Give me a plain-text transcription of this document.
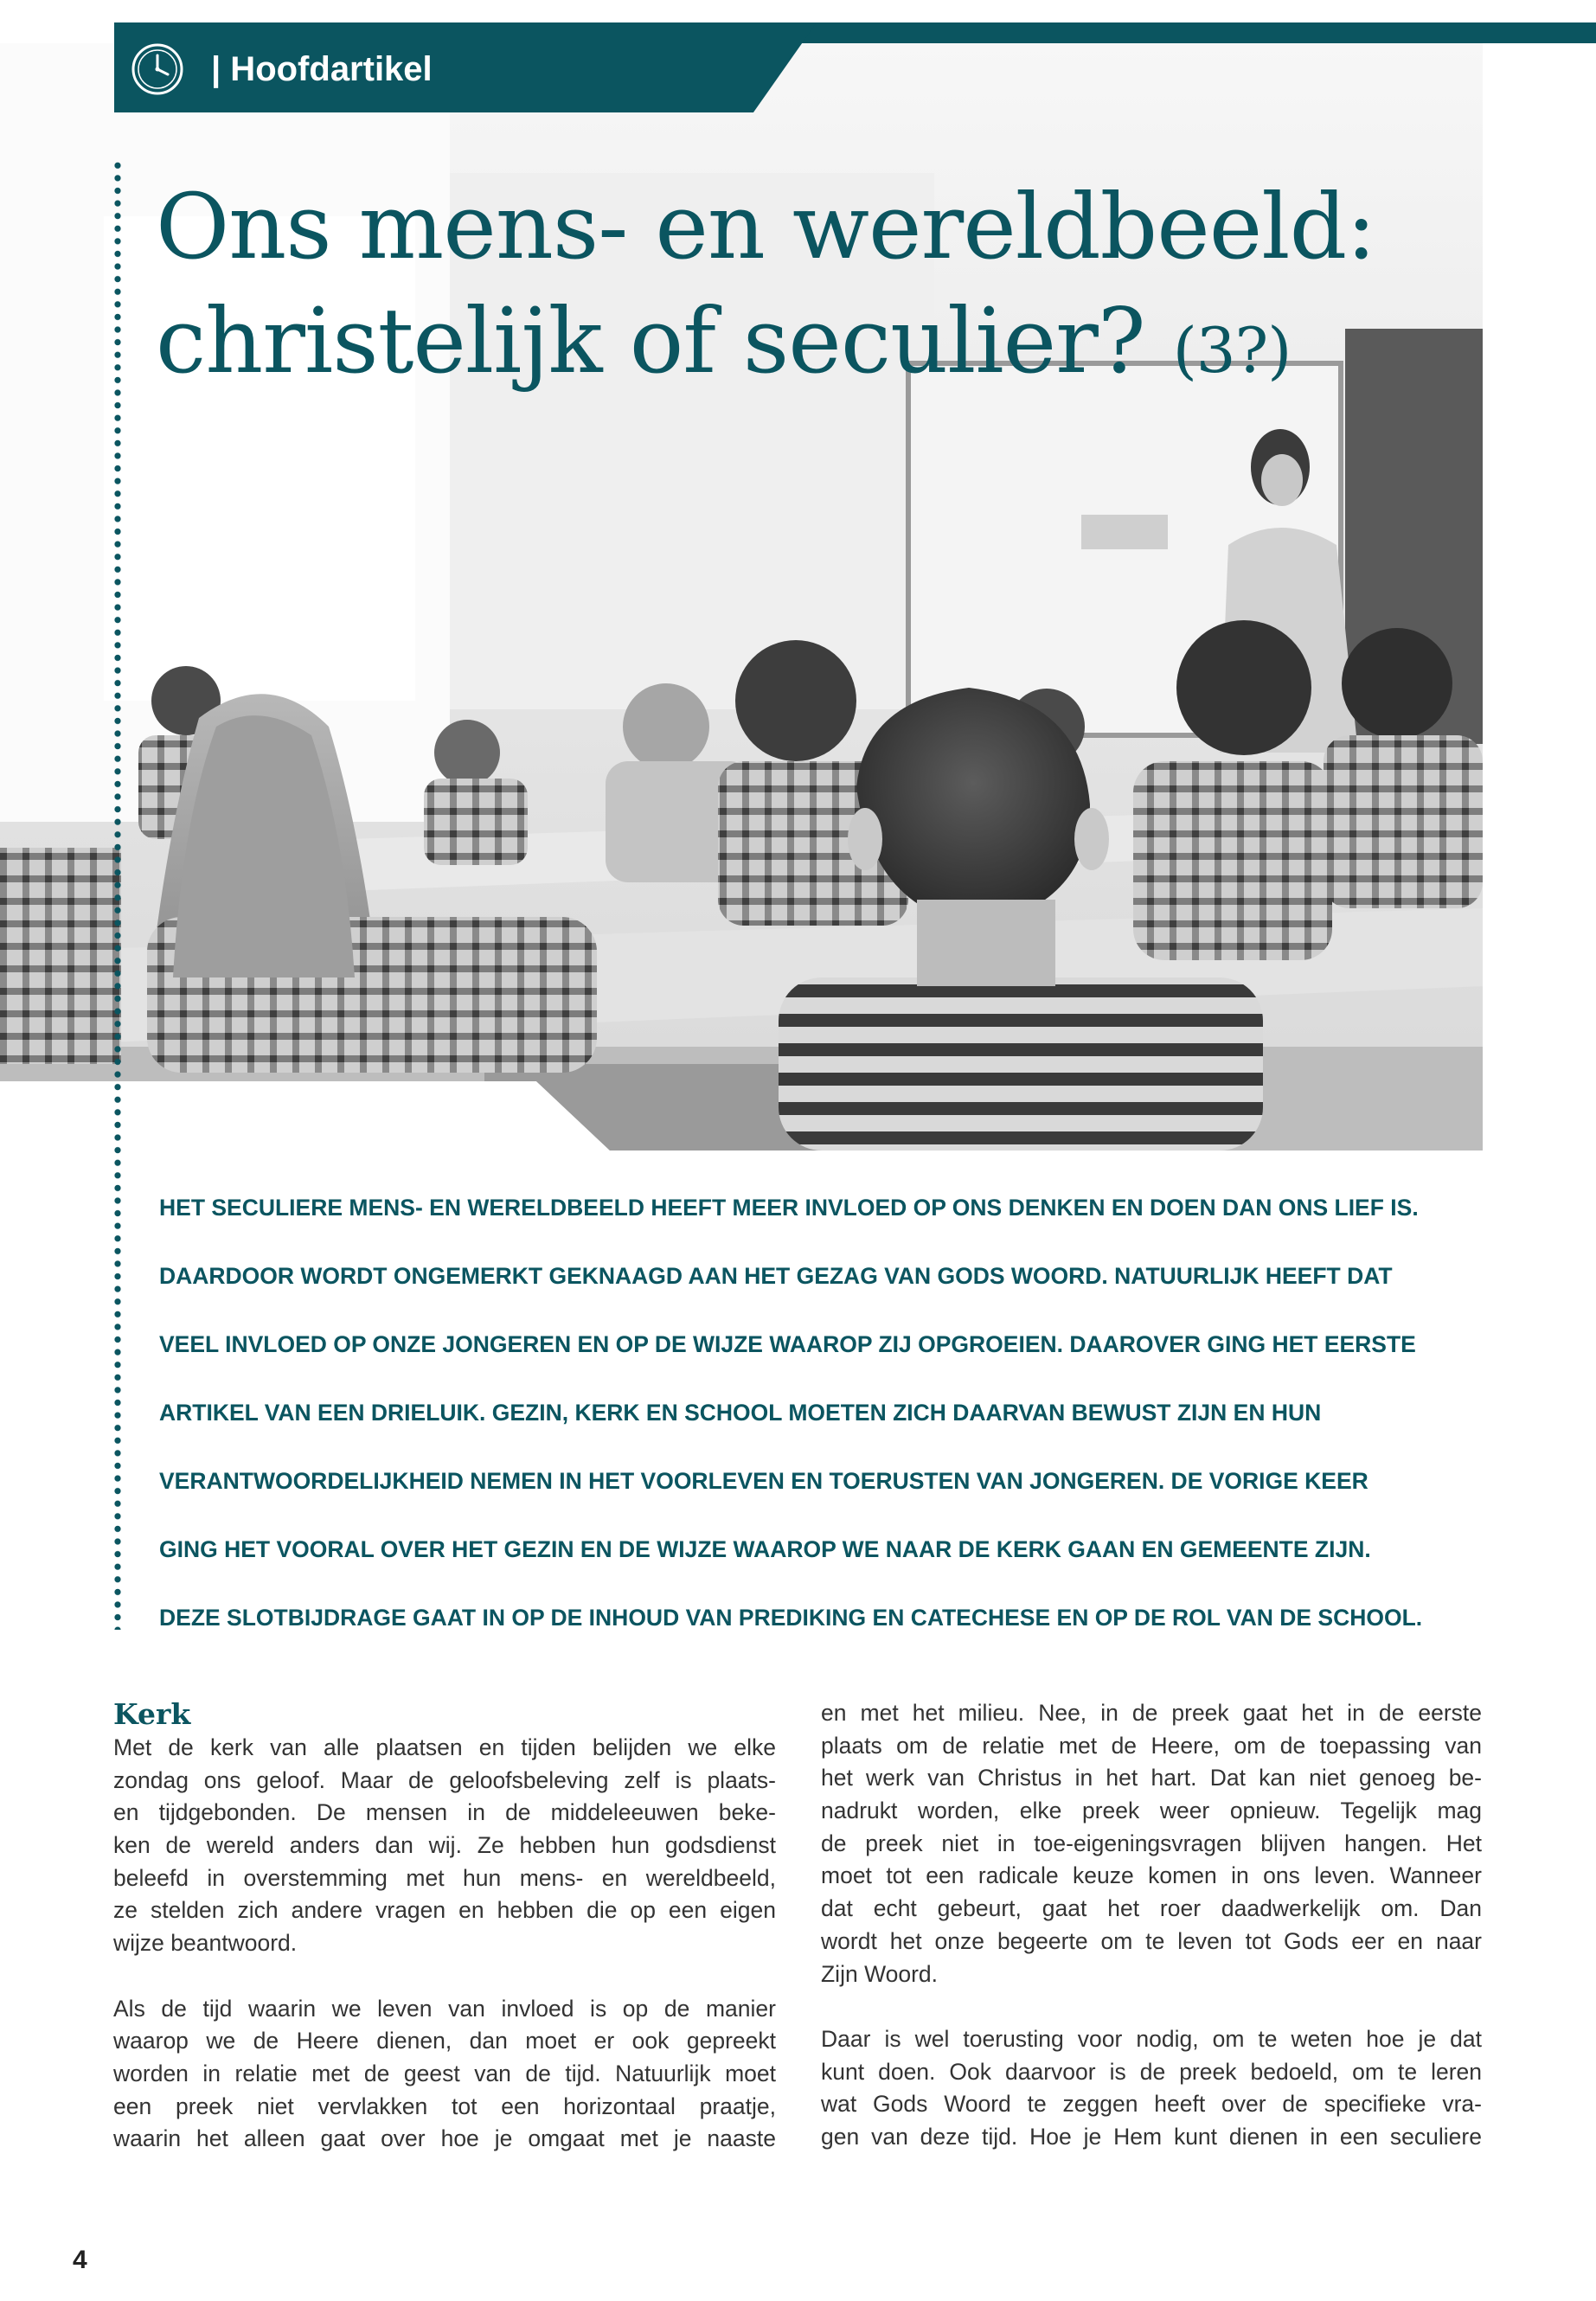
| Hoofdartikel
Ons mens- en wereldbeeld:
christelijk of seculier? (3?)
HET SECULIERE MENS- EN WERELDBEELD HEEFT MEER INVLOED OP ONS DENKEN EN DOEN DAN ONS LIEF IS.
DAARDOOR WORDT ONGEMERKT GEKNAAGD AAN HET GEZAG VAN GODS WOORD. NATUURLIJK HEEFT DAT
VEEL INVLOED OP ONZE JONGEREN EN OP DE WIJZE WAAROP ZIJ OPGROEIEN. DAAROVER GING HET EERSTE
ARTIKEL VAN EEN DRIELUIK. GEZIN, KERK EN SCHOOL MOETEN ZICH DAARVAN BEWUST ZIJN EN HUN
VERANTWOORDELIJKHEID NEMEN IN HET VOORLEVEN EN TOERUSTEN VAN JONGEREN. DE VORIGE KEER
GING HET VOORAL OVER HET GEZIN EN DE WIJZE WAAROP WE NAAR DE KERK GAAN EN GEMEENTE ZIJN.
DEZE SLOTBIJDRAGE GAAT IN OP DE INHOUD VAN PREDIKING EN CATECHESE EN OP DE ROL VAN DE SCHOOL.
Kerk
Met de kerk van alle plaatsen en tijden belijden we elke
zondag ons geloof. Maar de geloofsbeleving zelf is plaats-
en tijdgebonden. De mensen in de middeleeuwen beke-
ken de wereld anders dan wij. Ze hebben hun godsdienst
beleefd in overstemming met hun mens- en wereldbeeld,
ze stelden zich andere vragen en hebben die op een eigen
wijze beantwoord.
Als de tijd waarin we leven van invloed is op de manier
waarop we de Heere dienen, dan moet er ook gepreekt
worden in relatie met de geest van de tijd. Natuurlijk moet
een preek niet vervlakken tot een horizontaal praatje,
waarin het alleen gaat over hoe je omgaat met je naaste
en met het milieu. Nee, in de preek gaat het in de eerste
plaats om de relatie met de Heere, om de toepassing van
het werk van Christus in het hart. Dat kan niet genoeg be-
nadrukt worden, elke preek weer opnieuw. Tegelijk mag
de preek niet in toe-eigeningsvragen blijven hangen. Het
moet tot een radicale keuze komen in ons leven. Wanneer
dat echt gebeurt, gaat het roer daadwerkelijk om. Dan
wordt het onze begeerte om te leven tot Gods eer en naar
Zijn Woord.
Daar is wel toerusting voor nodig, om te weten hoe je dat
kunt doen. Ook daarvoor is de preek bedoeld, om te leren
wat Gods Woord te zeggen heeft over de specifieke vra-
gen van deze tijd. Hoe je Hem kunt dienen in een seculiere
4
